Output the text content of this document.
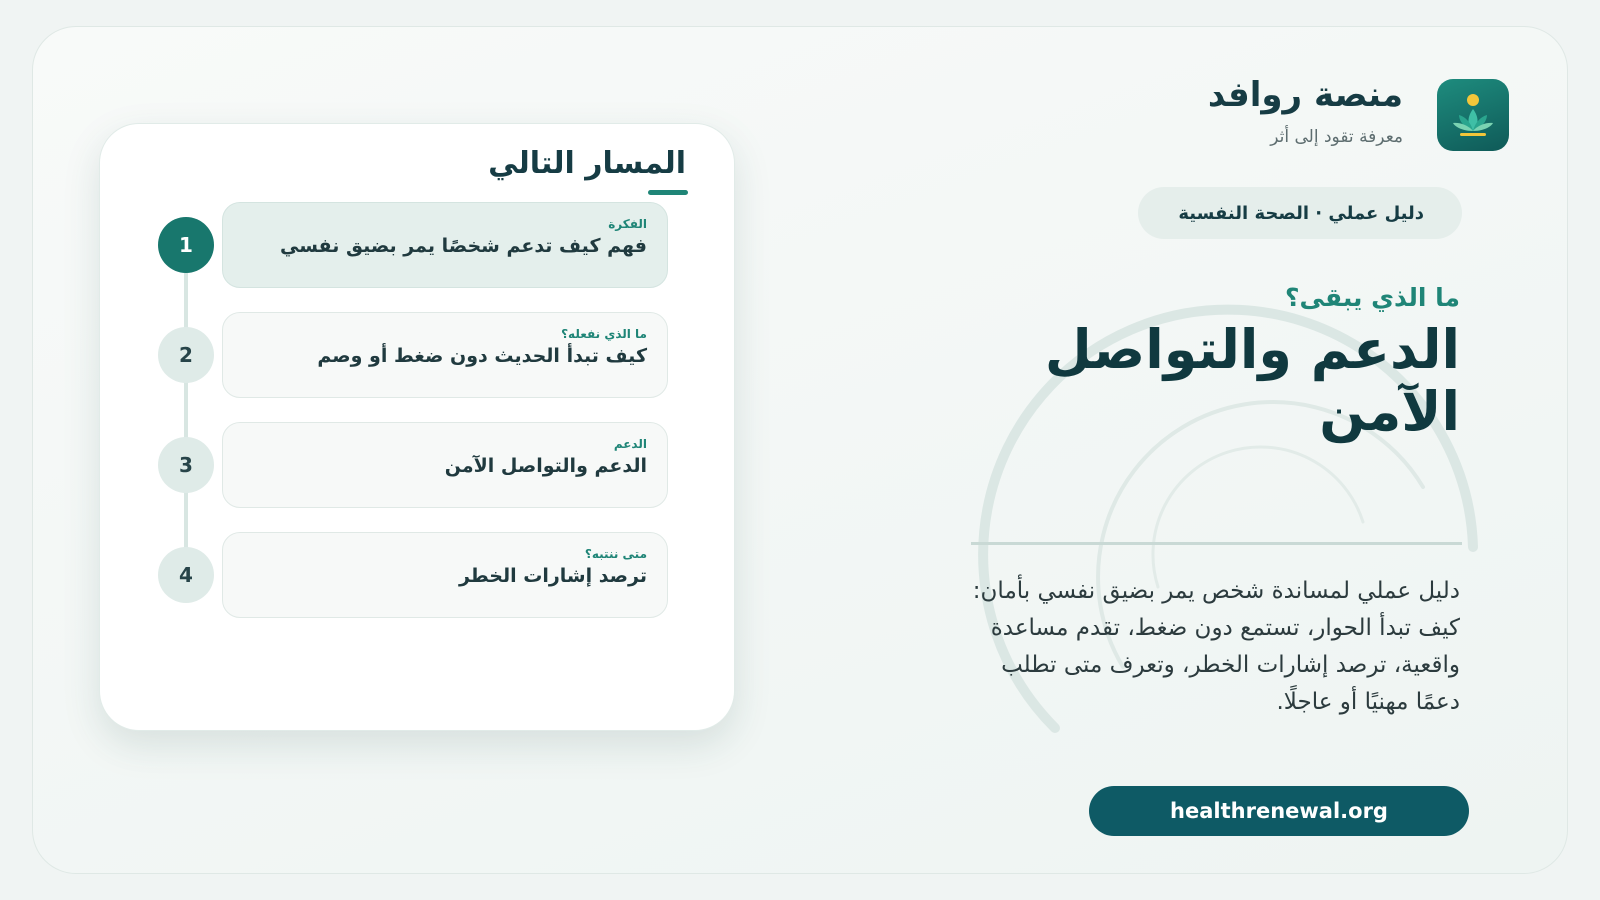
منصة روافد
معرفة تقود إلى أثر
دليل عملي · الصحة النفسية
ما الذي يبقى؟
الدعم والتواصل الآمن
دليل عملي لمساندة شخص يمر بضيق نفسي بأمان: كيف تبدأ الحوار، تستمع دون ضغط، تقدم مساعدة واقعية، ترصد إشارات الخطر، وتعرف متى تطلب دعمًا مهنيًا أو عاجلًا.
healthrenewal.org
المسار التالي
1
الفكرة
فهم كيف تدعم شخصًا يمر بضيق نفسي
2
ما الذي نفعله؟
كيف تبدأ الحديث دون ضغط أو وصم
3
الدعم
الدعم والتواصل الآمن
4
متى ننتبه؟
ترصد إشارات الخطر
